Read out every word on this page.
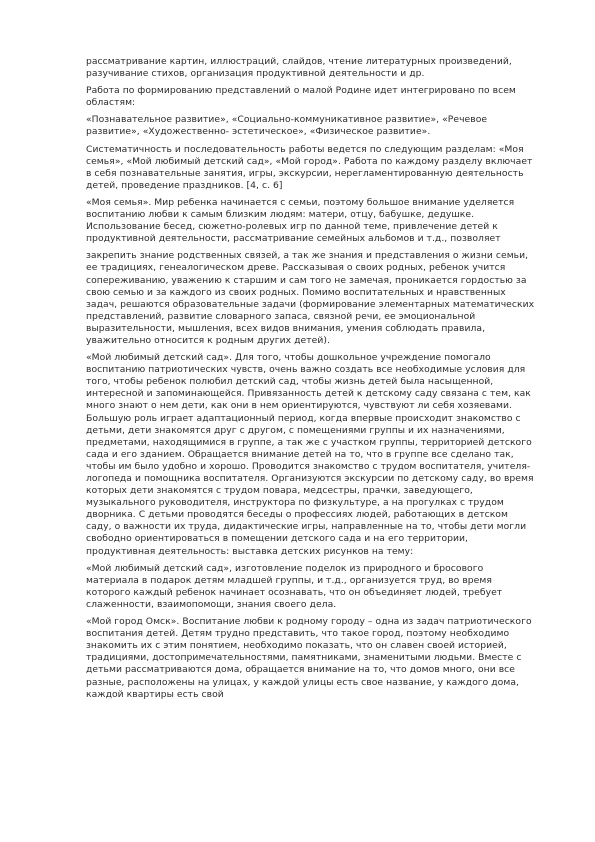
рассматривание картин, иллюстраций, слайдов, чтение литературных произведений, разучивание стихов, организация продуктивной деятельности и др.

Работа по формированию представлений о малой Родине идет интегрировано по всем областям:

«Познавательное развитие», «Социально-коммуникативное развитие», «Речевое развитие», «Художественно- эстетическое», «Физическое развитие».

Систематичность и последовательность работы ведется по следующим разделам: «Моя семья», «Мой любимый детский сад», «Мой город». Работа по каждому разделу включает в себя познавательные занятия, игры, экскурсии, нерегламентированную деятельность детей, проведение праздников. [4, с. 6]

«Моя семья». Мир ребенка начинается с семьи, поэтому большое внимание уделяется воспитанию любви к самым близким людям: матери, отцу, бабушке, дедушке. Использование бесед, сюжетно-ролевых игр по данной теме, привлечение детей к продуктивной деятельности, рассматривание семейных альбомов и т.д., позволяет

закрепить знание родственных связей, а так же знания и представления о жизни семьи, ее традициях, генеалогическом древе. Рассказывая о своих родных, ребенок учится сопереживанию, уважению к старшим и сам того не замечая, проникается гордостью за свою семью и за каждого из своих родных. Помимо воспитательных и нравственных задач, решаются образовательные задачи (формирование элементарных математических представлений, развитие словарного запаса, связной речи, ее эмоциональной выразительности, мышления, всех видов внимания, умения соблюдать правила, уважительно относится к родным других детей).

«Мой любимый детский сад». Для того, чтобы дошкольное учреждение помогало воспитанию патриотических чувств, очень важно создать все необходимые условия для того, чтобы ребенок полюбил детский сад, чтобы жизнь детей была насыщенной, интересной и запоминающейся. Привязанность детей к детскому саду связана с тем, как много знают о нем дети, как они в нем ориентируются, чувствуют ли себя хозяевами. Большую роль играет адаптационный период, когда впервые происходит знакомство с детьми, дети знакомятся друг с другом, с помещениями группы и их назначениями, предметами, находящимися в группе, а так же с участком группы, территорией детского сада и его зданием. Обращается внимание детей на то, что в группе все сделано так, чтобы им было удобно и хорошо. Проводится знакомство с трудом воспитателя, учителя-логопеда и помощника воспитателя. Организуются экскурсии по детскому саду, во время которых дети знакомятся с трудом повара, медсестры, прачки, заведующего, музыкального руководителя, инструктора по физкультуре, а на прогулках с трудом дворника. С детьми проводятся беседы о профессиях людей, работающих в детском саду, о важности их труда, дидактические игры, направленные на то, чтобы дети могли свободно ориентироваться в помещении детского сада и на его территории, продуктивная деятельность: выставка детских рисунков на тему:

«Мой любимый детский сад», изготовление поделок из природного и бросового материала в подарок детям младшей группы, и т.д., организуется труд, во время которого каждый ребенок начинает осознавать, что он объединяет людей, требует слаженности, взаимопомощи, знания своего дела.

«Мой город Омск». Воспитание любви к родному городу – одна из задач патриотического воспитания детей. Детям трудно представить, что такое город, поэтому необходимо знакомить их с этим понятием, необходимо показать, что он славен своей историей, традициями, достопримечательностями, памятниками, знаменитыми людьми. Вместе с детьми рассматриваются дома, обращается внимание на то, что домов много, они все разные, расположены на улицах, у каждой улицы есть свое название, у каждого дома, каждой квартиры есть свой
